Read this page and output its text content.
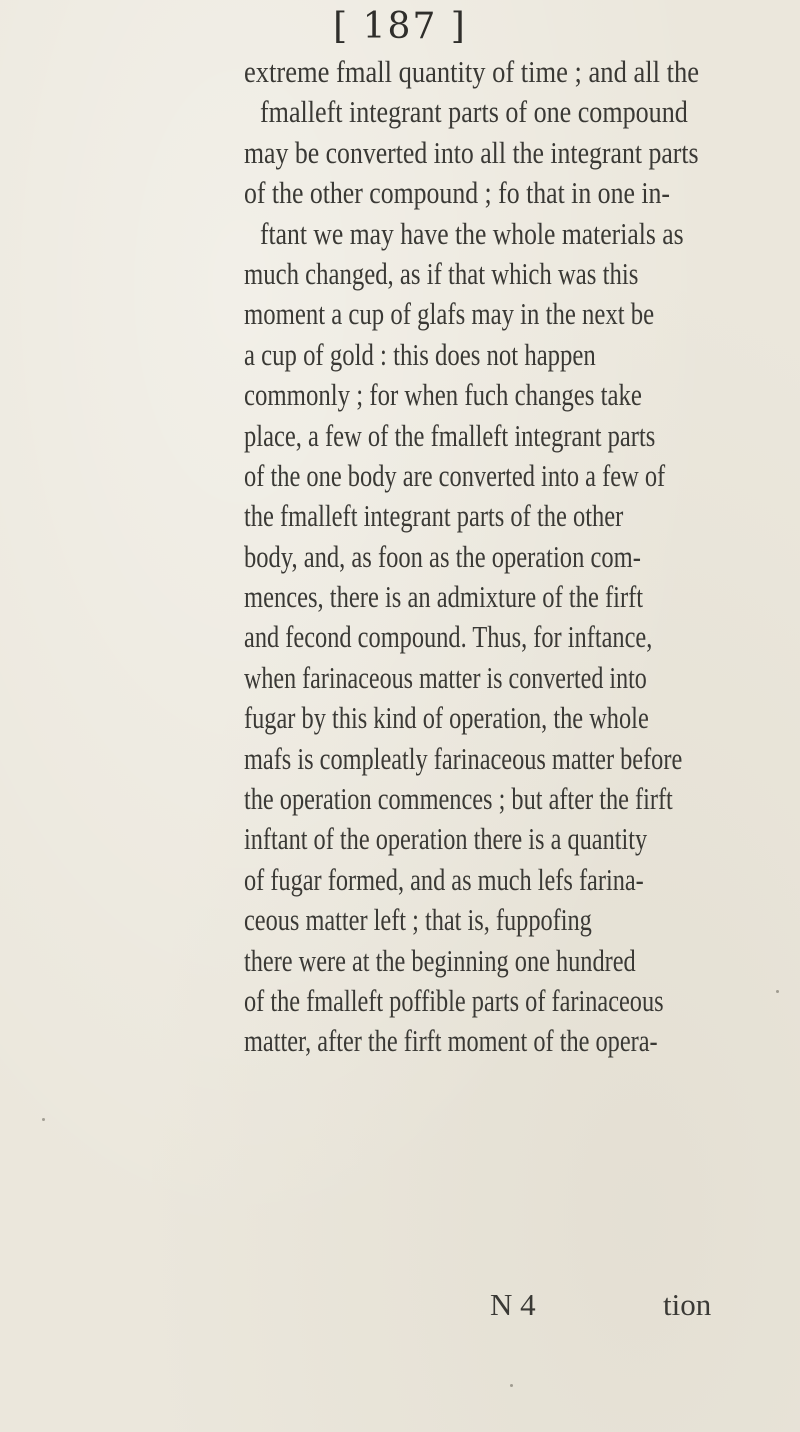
[ 187 ]
extreme fmall quantity of time ; and all the
fmalleft integrant parts of one compound
may be converted into all the integrant parts
of the other compound ; fo that in one in-
ftant we may have the whole materials as
much changed, as if that which was this
moment a cup of glafs may in the next be
a cup of gold : this does not happen
commonly ; for when fuch changes take
place, a few of the fmalleft integrant parts
of the one body are converted into a few of
the fmalleft integrant parts of the other
body, and, as foon as the operation com-
mences, there is an admixture of the firft
and fecond compound. Thus, for inftance,
when farinaceous matter is converted into
fugar by this kind of operation, the whole
mafs is compleatly farinaceous matter before
the operation commences ; but after the firft
inftant of the operation there is a quantity
of fugar formed, and as much lefs farina-
ceous matter left ; that is, fuppofing
there were at the beginning one hundred
of the fmalleft poffible parts of farinaceous
matter, after the firft moment of the opera-
N 4	tion
